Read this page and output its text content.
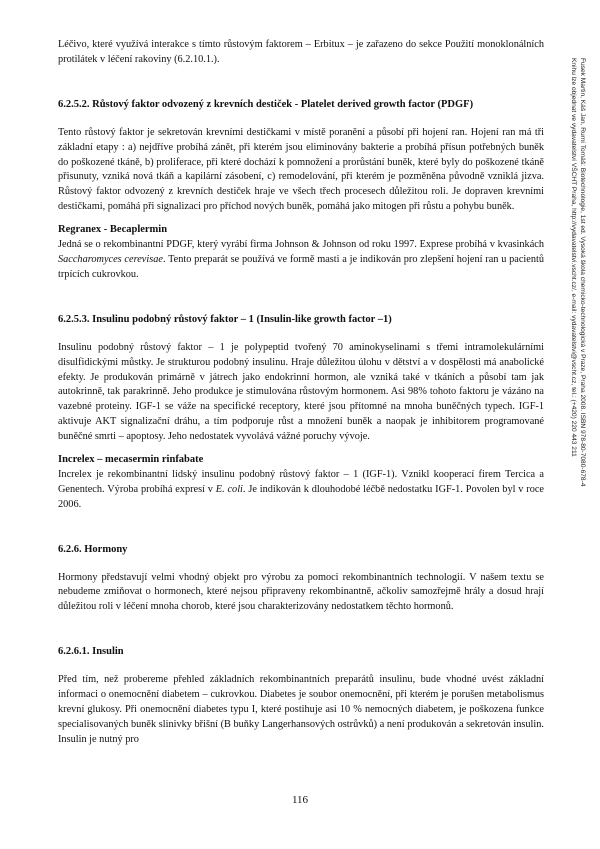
Léčivo, které využívá interakce s tímto růstovým faktorem – Erbitux – je zařazeno do sekce Použití monoklonálních protilátek v léčení rakoviny (6.2.10.1.).

6.2.5.2. Růstový faktor odvozený z krevních destiček - Platelet derived growth factor (PDGF)

Tento růstový faktor je sekretován krevními destičkami v místě poranění a působí při hojení ran. Hojení ran má tři základní etapy : a) nejdříve probíhá zánět, při kterém jsou eliminovány bakterie a probíhá přísun potřebných buněk do poškozené tkáně, b) proliferace, při které dochází k pomnožení a prorůstání buněk, které byly do poškozené tkáně přisunuty, vzniká nová tkáň a kapilární zásobení, c) remodelování, při kterém je pozměněna původně vzniklá jizva. Růstový faktor odvozený z krevních destiček hraje ve všech třech procesech důležitou roli. Je dopraven krevními destičkami, pomáhá při signalizaci pro příchod nových buněk, pomáhá jako mitogen při růstu a pohybu buněk.

Regranex - Becaplermin

Jedná se o rekombinantní PDGF, který vyrábí firma Johnson & Johnson od roku 1997. Exprese probíhá v kvasinkách Saccharomyces cerevisae. Tento preparát se používá ve formě masti a je indikován pro zlepšení hojení ran u pacientů trpících cukrovkou.

6.2.5.3. Insulinu podobný růstový faktor – 1 (Insulin-like growth factor –1)

Insulinu podobný růstový faktor – 1 je polypeptid tvořený 70 aminokyselinami s třemi intramolekulárními disulfidickými můstky. Je strukturou podobný insulinu. Hraje důležitou úlohu v dětství a v dospělosti má anabolické efekty. Je produkován primárně v játrech jako endokrinní hormon, ale vzniká také v tkáních a působí tam jak autokrinně, tak parakrinně. Jeho produkce je stimulována růstovým hormonem. Asi 98% tohoto faktoru je vázáno na vazebné proteiny. IGF-1 se váže na specifické receptory, které jsou přítomné na mnoha buněčných typech. IGF-1 aktivuje AKT signalizační dráhu, a tím podporuje růst a množení buněk a naopak je inhibitorem programované buněčné smrti – apoptosy. Jeho nedostatek vyvolává vážné poruchy vývoje.

Increlex – mecasermin rinfabate

Increlex je rekombinantní lidský insulinu podobný růstový faktor – 1 (IGF-1). Vznikl kooperací firem Tercica a Genentech. Výroba probíhá expresí v E. coli. Je indikován k dlouhodobé léčbě nedostatku IGF-1. Povolen byl v roce 2006.

6.2.6. Hormony

Hormony představují velmi vhodný objekt pro výrobu za pomoci rekombinantních technologií. V našem textu se nebudeme zmiňovat o hormonech, které nejsou připraveny rekombinantně, ačkoliv samozřejmě hrály a dosud hrají důležitou roli v léčení mnoha chorob, které jsou charakterizovány nedostatkem těchto hormonů.

6.2.6.1. Insulin

Před tím, než probereme přehled základních rekombinantních preparátů insulinu, bude vhodné uvést základní informaci o onemocnění diabetem – cukrovkou. Diabetes je soubor onemocnění, při kterém je porušen metabolismus krevní glukosy. Při onemocnění diabetes typu I, které postihuje asi 10 % nemocných diabetem, je poškozena funkce specialisovaných buněk slinivky břišní (B buňky Langerhansových ostrůvků) a není produkován a sekretován insulin. Insulin je nutný pro

Fusek Martin, Káš Jan, Rumí Tomáš: Biotechnologie, 1st ed. Vysoká škola chemicko-technologická v Praze, Praha 2008. ISBN 978-80-7080-678-4
Knihu lze objednat ve vydavatelství VŠCHT Praha, http://vydavatelstvi.vscht.cz/, e-mail: vydavatelstvi@vscht.cz, tel.: (+420) 220 443 211
116
